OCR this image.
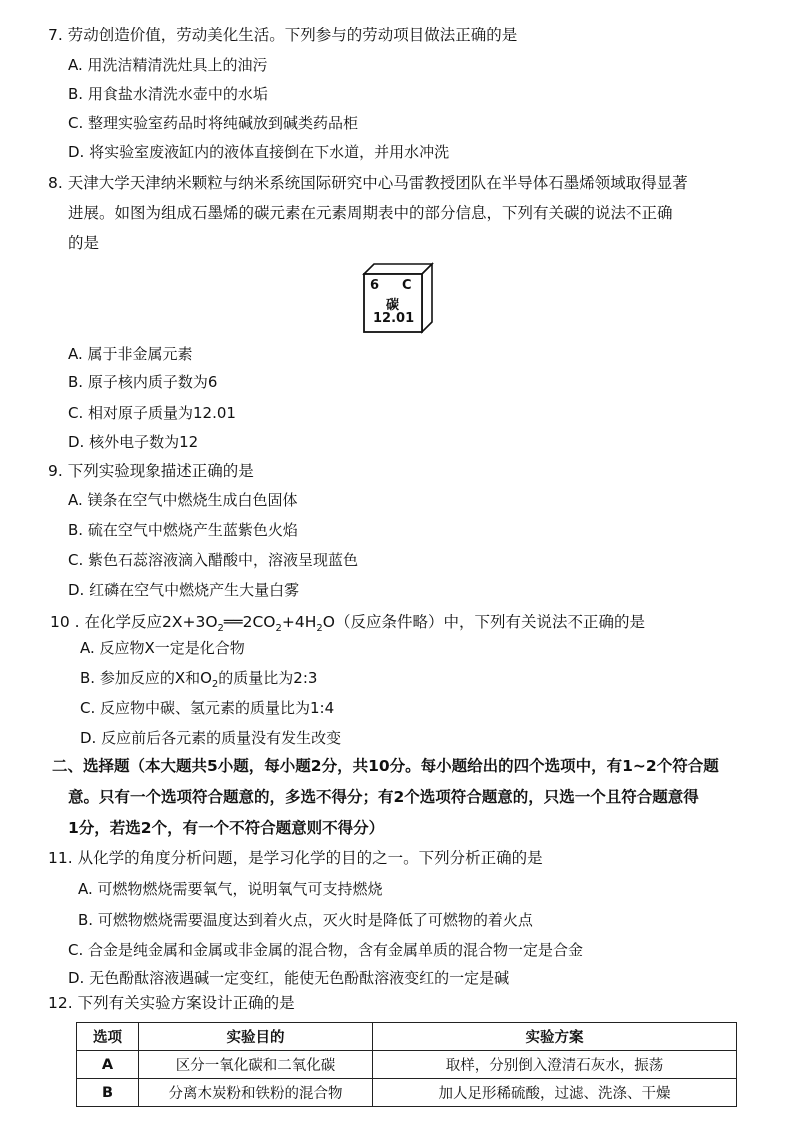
7. 劳动创造价值，劳动美化生活。下列参与的劳动项目做法正确的是
A. 用洗洁精清洗灶具上的油污
B. 用食盐水清洗水壶中的水垢
C. 整理实验室药品时将纯碱放到碱类药品柜
D. 将实验室废液缸内的液体直接倒在下水道，并用水冲洗
8. 天津大学天津纳米颗粒与纳米系统国际研究中心马雷教授团队在半导体石墨烯领域取得显著
进展。如图为组成石墨烯的碳元素在元素周期表中的部分信息，下列有关碳的说法不正确
的是
6 C
碳
12.01
A. 属于非金属元素
B. 原子核内质子数为6
C. 相对原子质量为12.01
D. 核外电子数为12
9. 下列实验现象描述正确的是
A. 镁条在空气中燃烧生成白色固体
B. 硫在空气中燃烧产生蓝紫色火焰
C. 紫色石蕊溶液滴入醋酸中，溶液呈现蓝色
D. 红磷在空气中燃烧产生大量白雾
10 . 在化学反应$2X+3O_2══2CO_2+4H_2O$（反应条件略）中，下列有关说法不正确的是
A. 反应物X一定是化合物
B. 参加反应的X和$O_2$的质量比为2:3
C. 反应物中碳、氢元素的质量比为1:4
D. 反应前后各元素的质量没有发生改变
二、选择题（本大题共5小题，每小题2分，共10分。每小题给出的四个选项中，有1~2个符合题
意。只有一个选项符合题意的，多选不得分；有2个选项符合题意的，只选一个且符合题意得
1分，若选2个，有一个不符合题意则不得分）
11. 从化学的角度分析问题，是学习化学的目的之一。下列分析正确的是
A. 可燃物燃烧需要氧气，说明氧气可支持燃烧
B. 可燃物燃烧需要温度达到着火点，灭火时是降低了可燃物的着火点
C. 合金是纯金属和金属或非金属的混合物，含有金属单质的混合物一定是合金
D. 无色酚酞溶液遇碱一定变红，能使无色酚酞溶液变红的一定是碱
12. 下列有关实验方案设计正确的是
选项	实验目的	实验方案
A	区分一氧化碳和二氧化碳	取样，分别倒入澄清石灰水，振荡
B	分离木炭粉和铁粉的混合物	加人足形稀硫酸，过滤、洗涤、干燥
